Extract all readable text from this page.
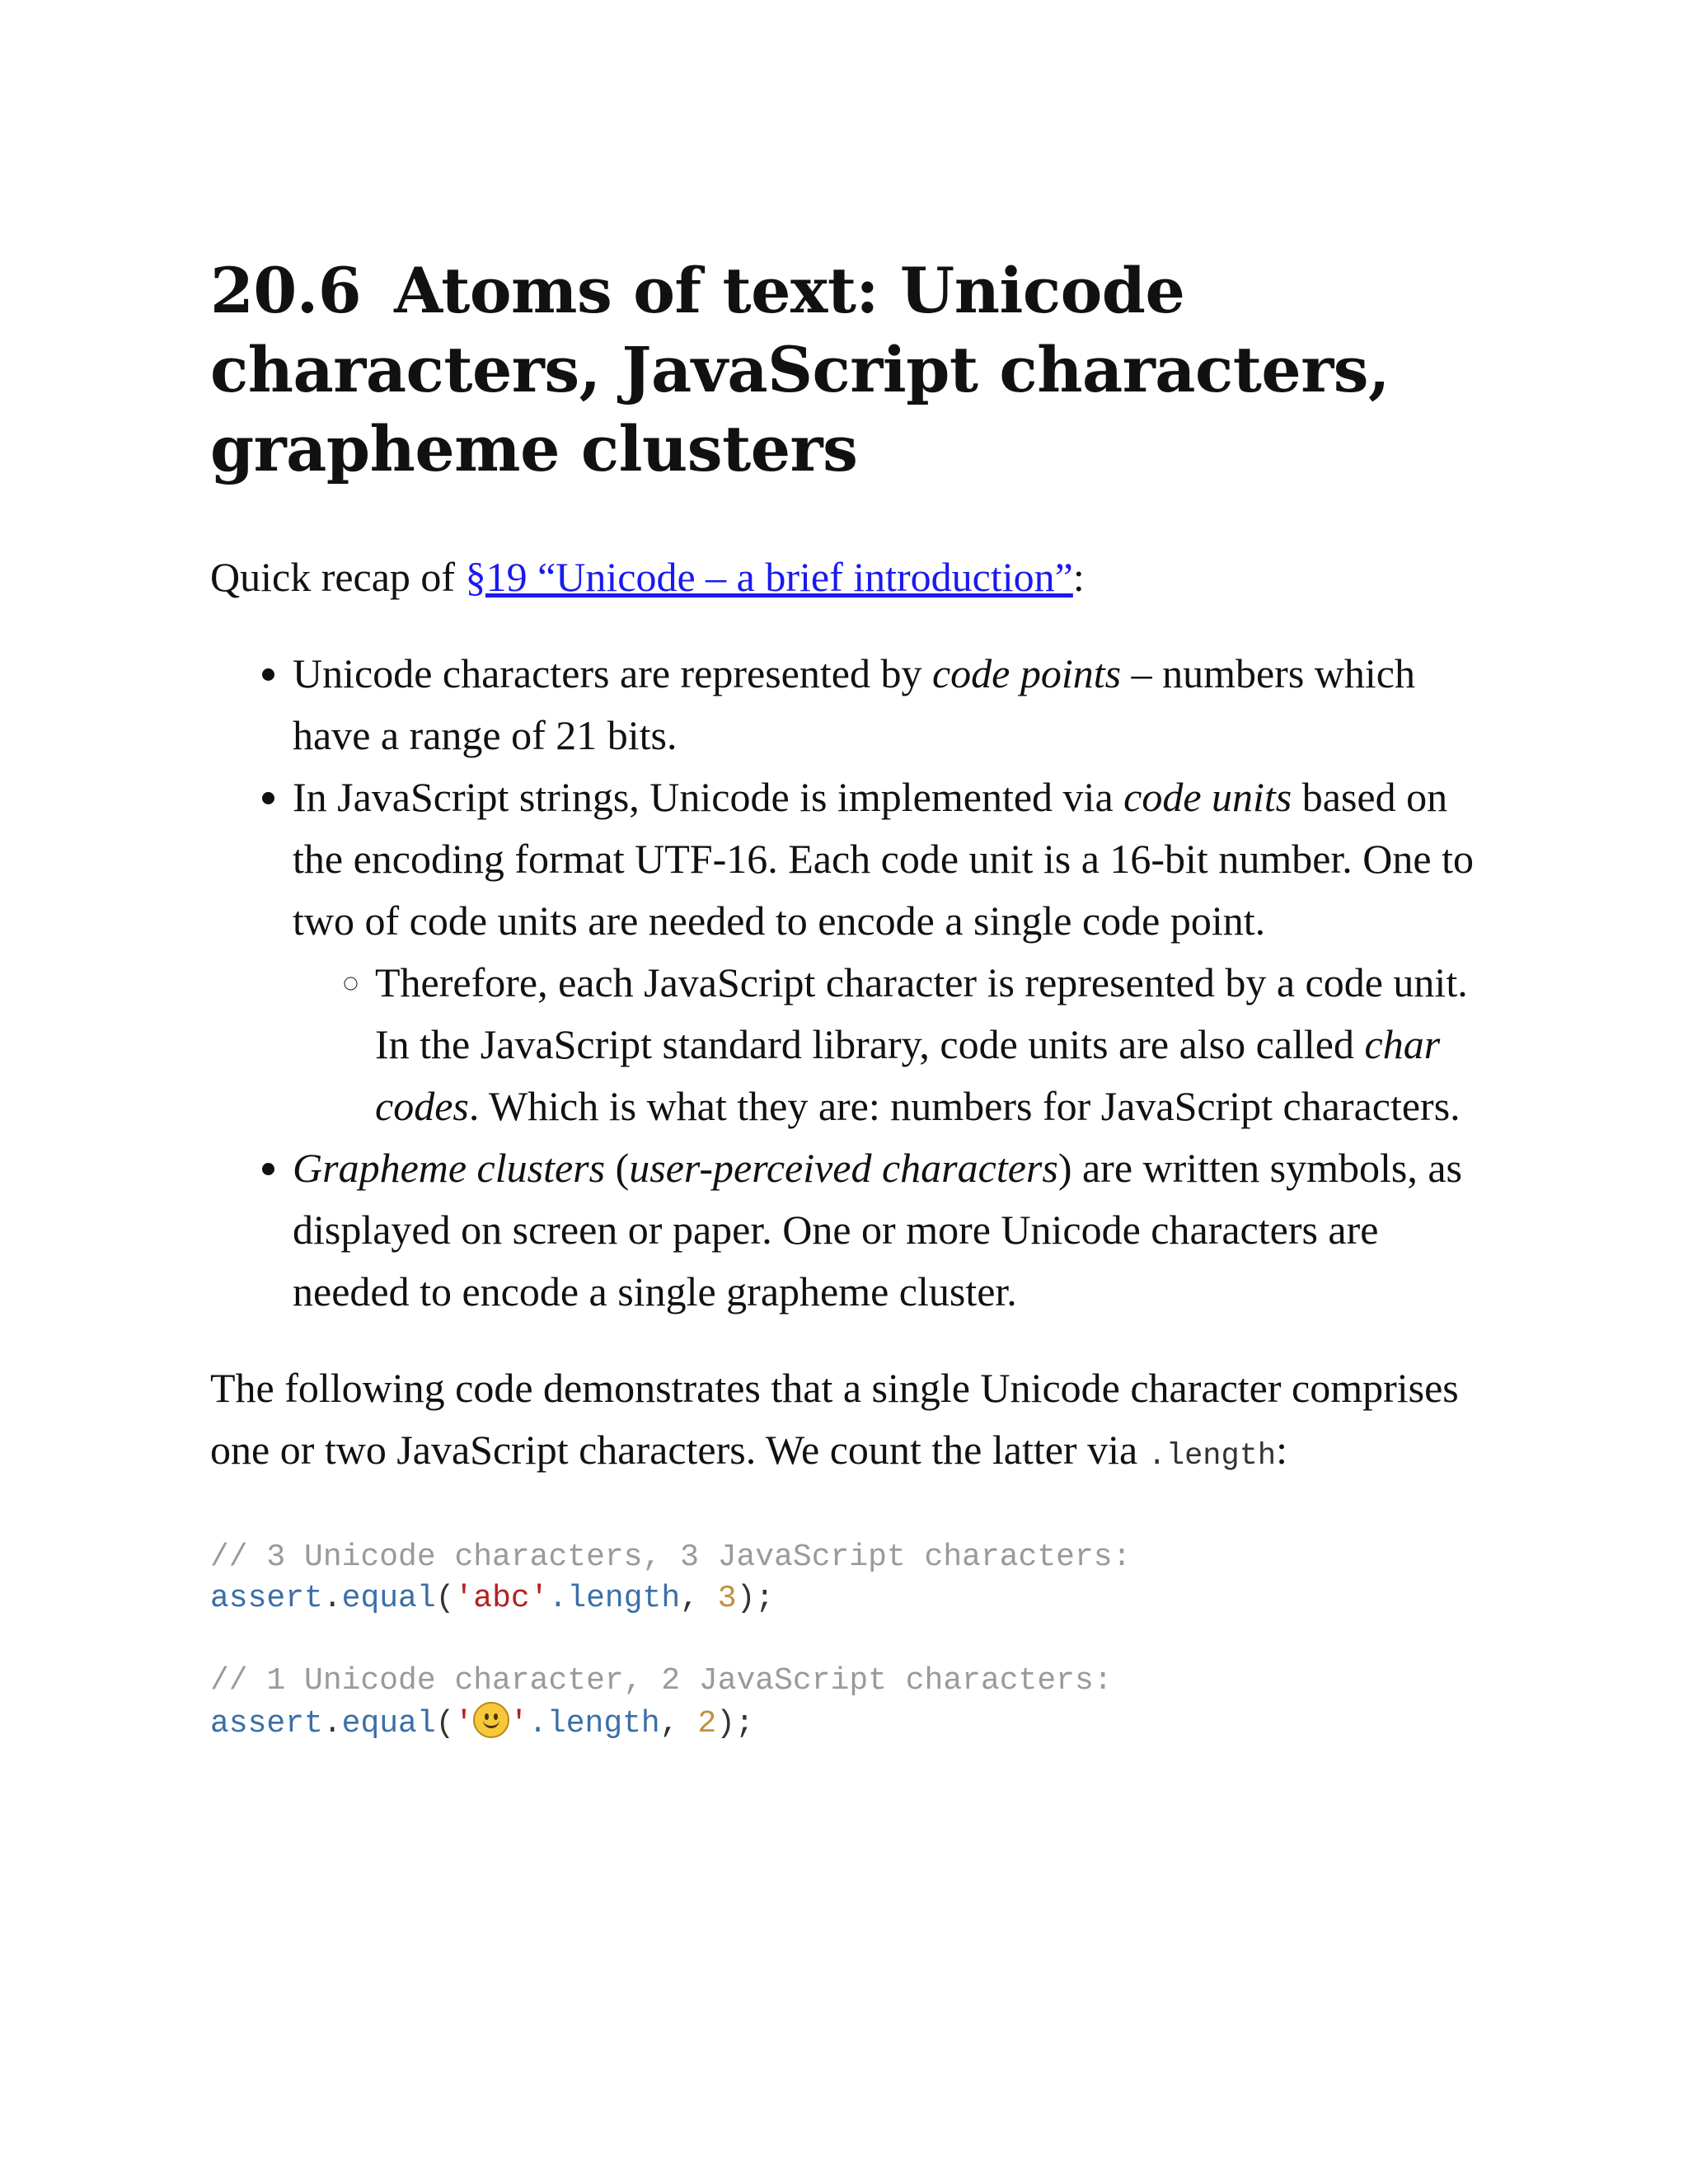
20.6 Atoms of text: Unicode characters, JavaScript characters, grapheme clusters
Quick recap of §19 “Unicode – a brief introduction”:
• Unicode characters are represented by code points – numbers which have a range of 21 bits.
• In JavaScript strings, Unicode is implemented via code units based on the encoding format UTF-16. Each code unit is a 16-bit number. One to two of code units are needed to encode a single code point.
◦ Therefore, each JavaScript character is represented by a code unit. In the JavaScript standard library, code units are also called char codes. Which is what they are: numbers for JavaScript characters.
• Grapheme clusters (user-perceived characters) are written symbols, as displayed on screen or paper. One or more Unicode characters are needed to encode a single grapheme cluster.
The following code demonstrates that a single Unicode character comprises one or two JavaScript characters. We count the latter via .length:
// 3 Unicode characters, 3 JavaScript characters:
assert.equal('abc'.length, 3);

// 1 Unicode character, 2 JavaScript characters:
assert.equal(' '.length, 2);
